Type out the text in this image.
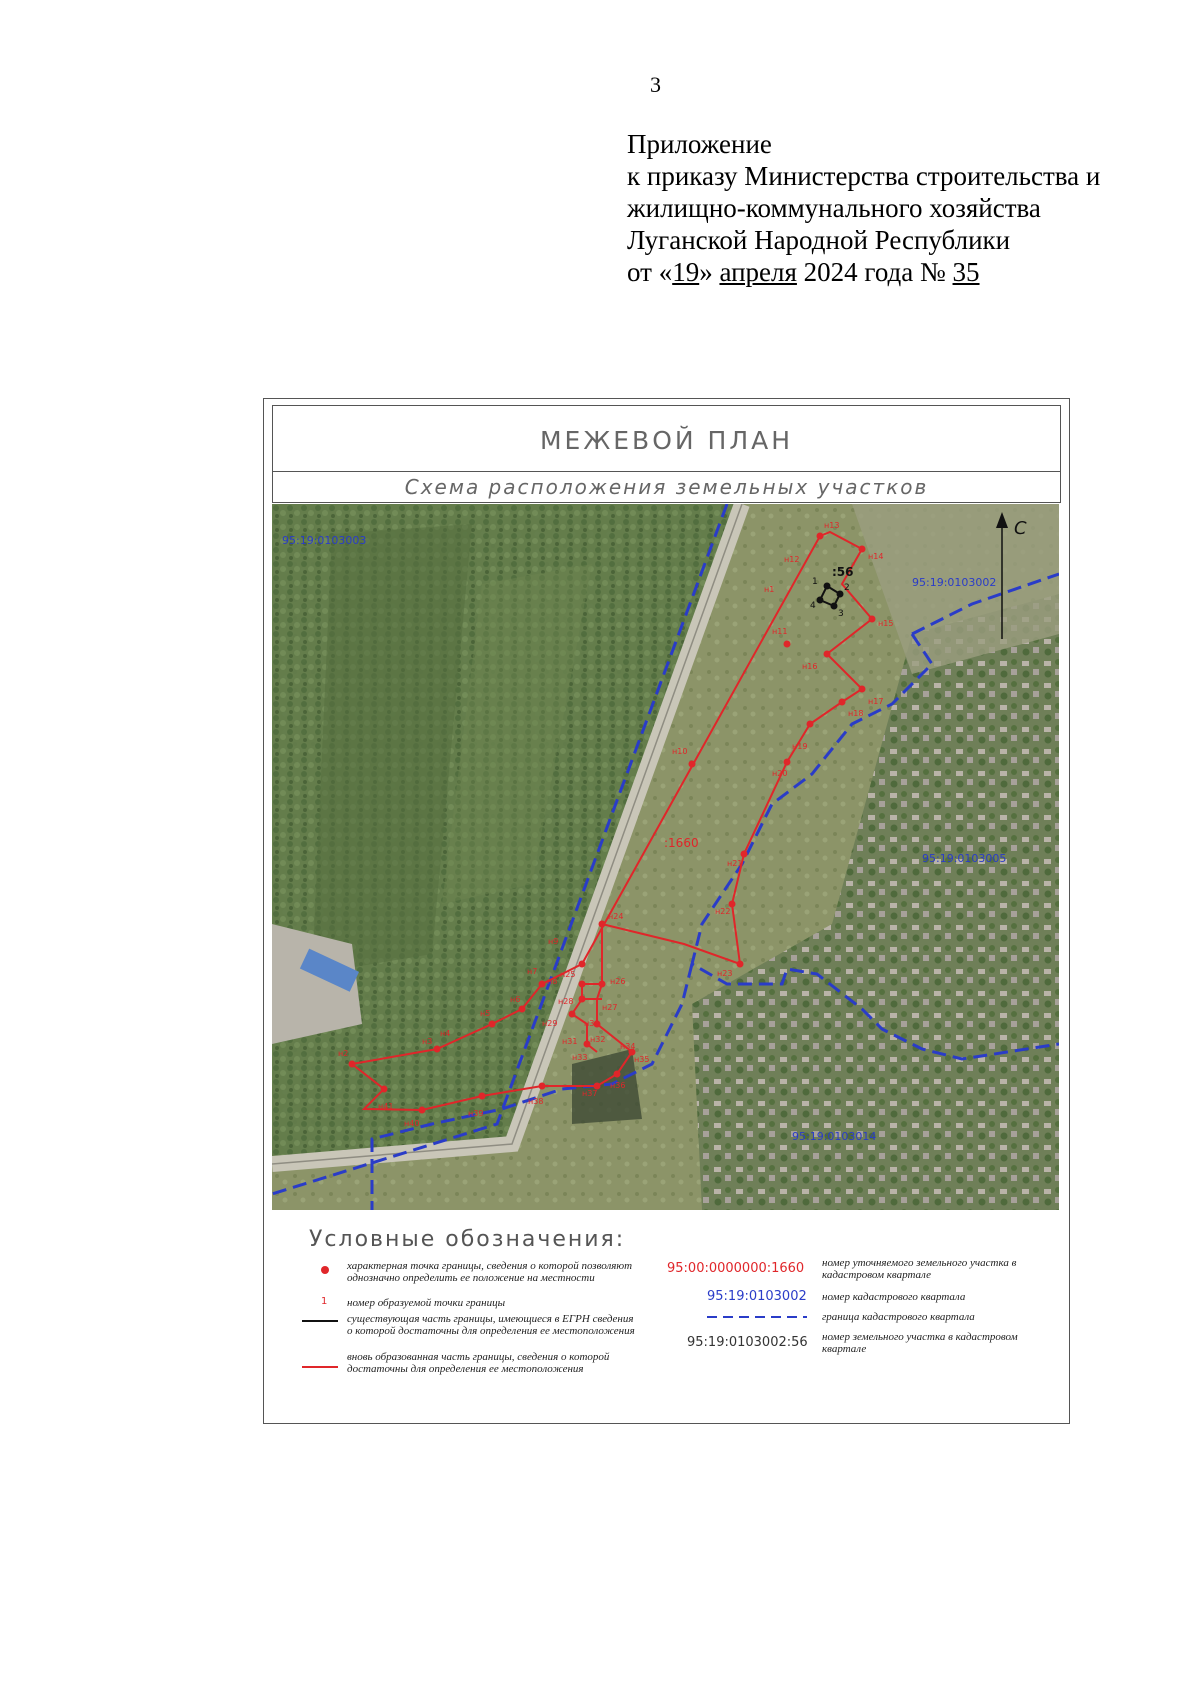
3
Приложение
к приказу Министерства строительства и
жилищно-коммунального хозяйства
Луганской Народной Республики
от «19» апреля 2024 года № 35
МЕЖЕВОЙ ПЛАН
Схема расположения земельных участков
н1
н12
н13
н14
н15
н16
н17
н18
н19
н20
н21
н22
н23
н24
н25
н26
н27
н28
н29	н30
н31 н32
н33
н34
н35
н36
н37
н38
н39
н40
н41
н2
н3
н4
н5
н6
н7
н8
н9
н10
н11
1
2
3
4
:56
:1660
95:19:0103003
95:19:0103002
95:19:0103005
95:19:0103014
С
Условные обозначения:
характерная точка границы, сведения о которой позволяют однозначно определить ее положение на местности
1 номер образуемой точки границы
существующая часть границы, имеющиеся в ЕГРН сведения о которой достаточны для определения ее местоположения
вновь образованная часть границы, сведения о которой достаточны для определения ее местоположения
95:00:0000000:1660 номер уточняемого земельного участка в кадастровом квартале
95:19:0103002 номер кадастрового квартала
граница кадастрового квартала
95:19:0103002:56 номер земельного участка в кадастровом квартале
